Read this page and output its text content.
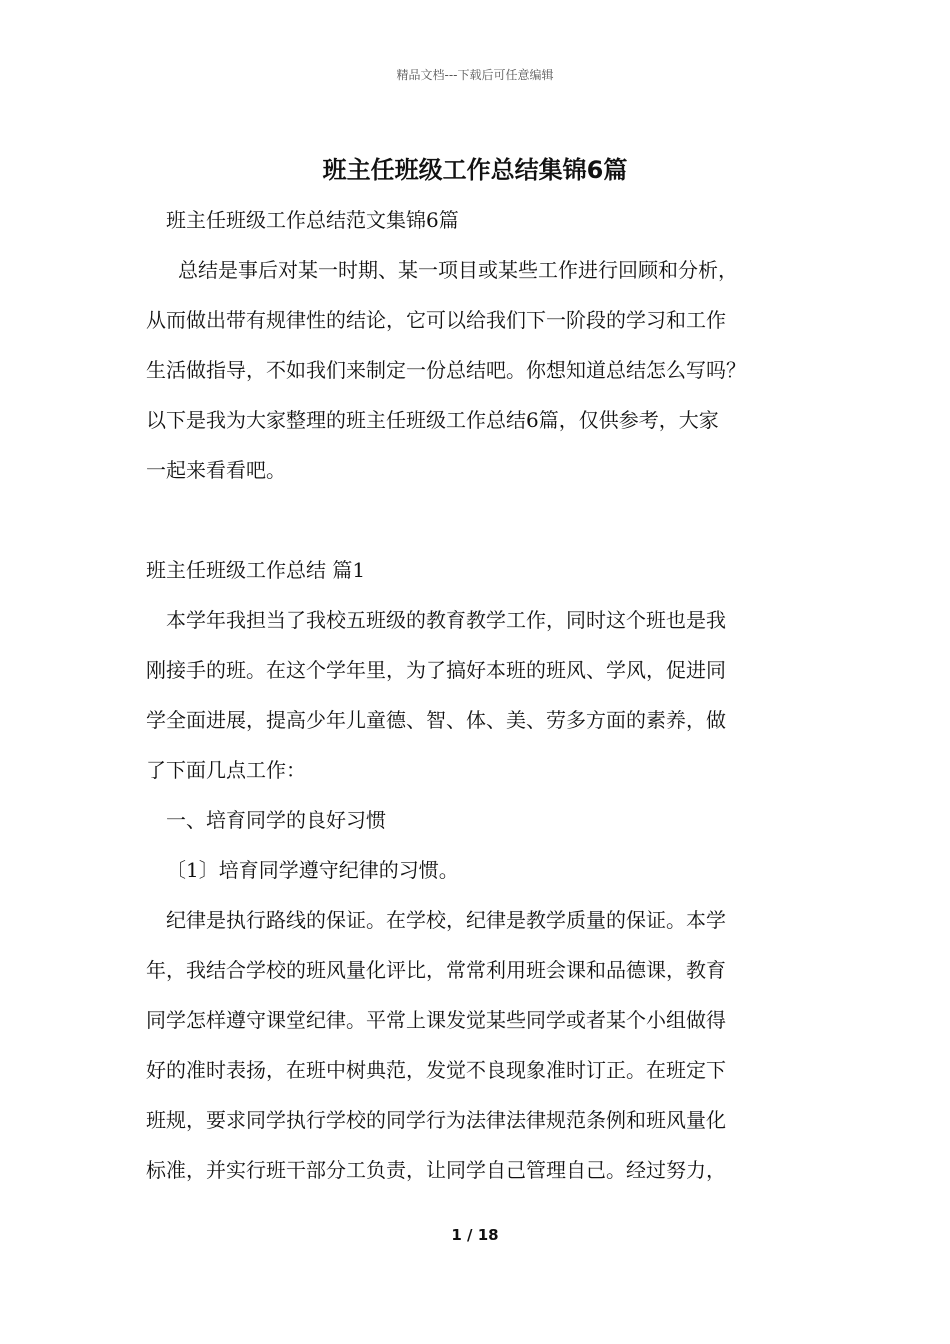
精品文档---下载后可任意编辑
班主任班级工作总结集锦6篇
班主任班级工作总结范文集锦6篇
总结是事后对某一时期、某一项目或某些工作进行回顾和分析，
从而做出带有规律性的结论，它可以给我们下一阶段的学习和工作
生活做指导，不如我们来制定一份总结吧。你想知道总结怎么写吗？
以下是我为大家整理的班主任班级工作总结6篇，仅供参考，大家
一起来看看吧。
班主任班级工作总结 篇1
本学年我担当了我校五班级的教育教学工作，同时这个班也是我
刚接手的班。在这个学年里，为了搞好本班的班风、学风，促进同
学全面进展，提高少年儿童德、智、体、美、劳多方面的素养，做
了下面几点工作：
一、培育同学的良好习惯
〔1〕培育同学遵守纪律的习惯。
纪律是执行路线的保证。在学校，纪律是教学质量的保证。本学
年，我结合学校的班风量化评比，常常利用班会课和品德课，教育
同学怎样遵守课堂纪律。平常上课发觉某些同学或者某个小组做得
好的准时表扬，在班中树典范，发觉不良现象准时订正。在班定下
班规，要求同学执行学校的同学行为法律法律规范条例和班风量化
标准，并实行班干部分工负责，让同学自己管理自己。经过努力，
1 / 18
